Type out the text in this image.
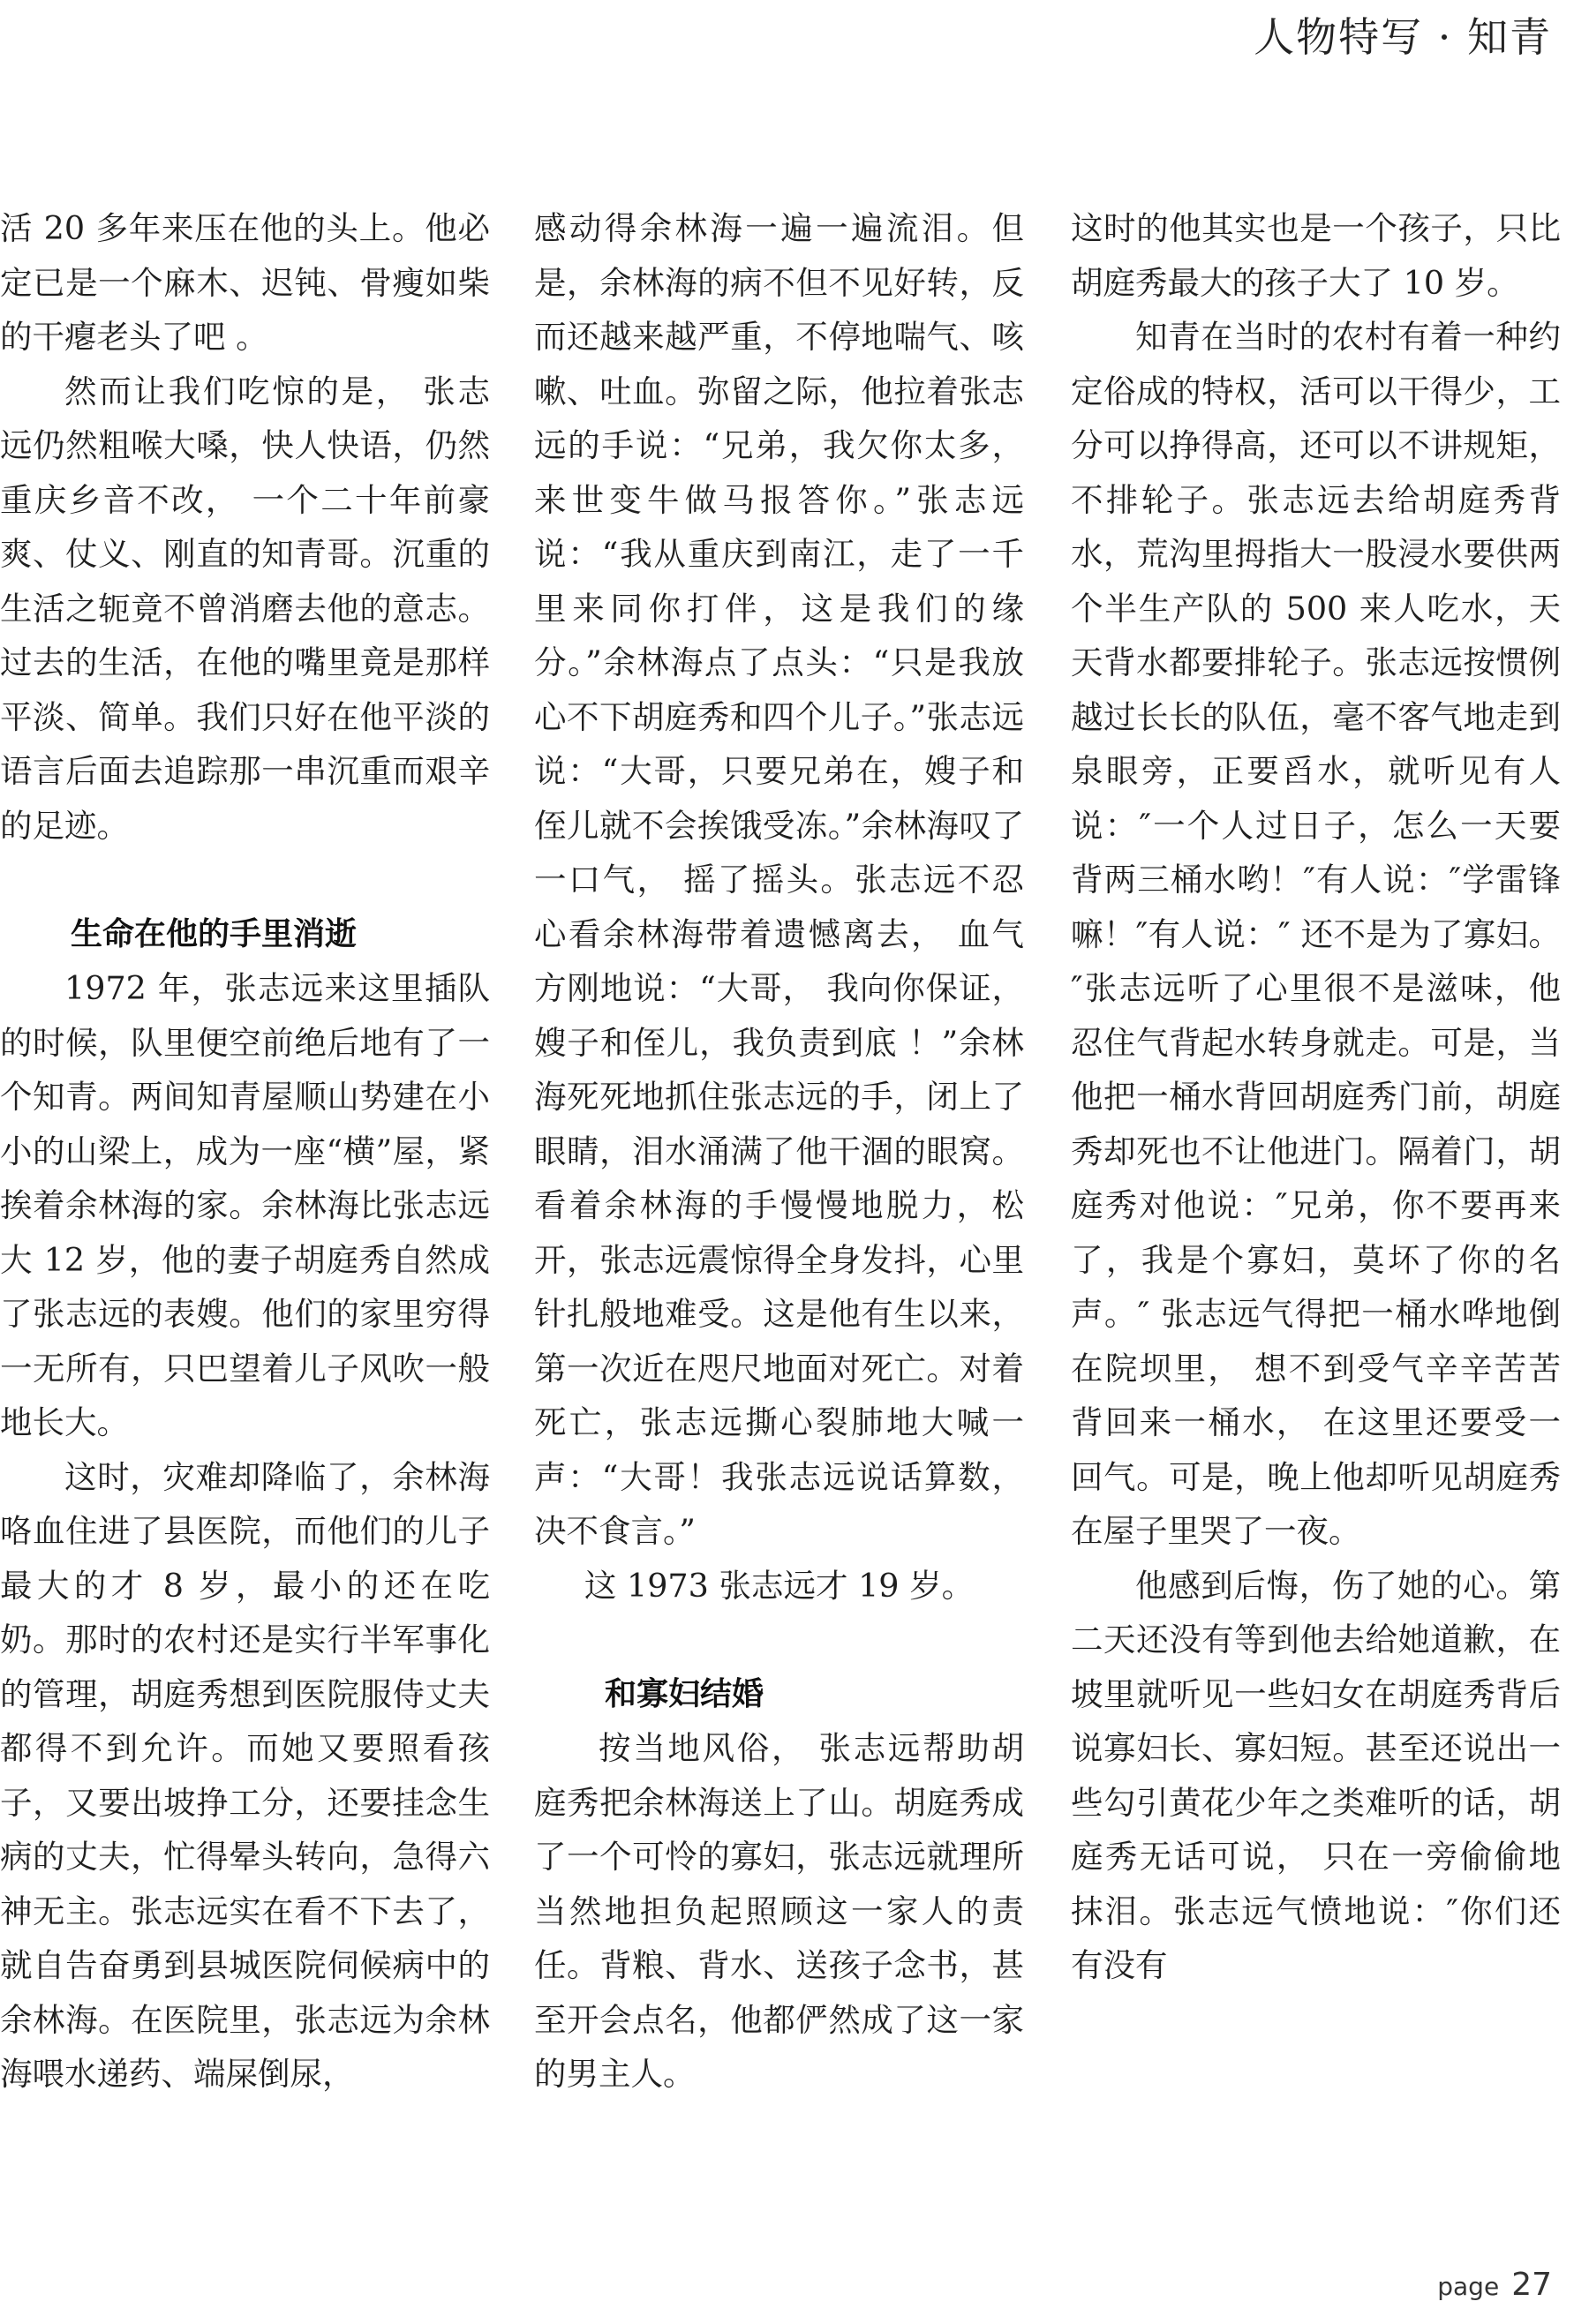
人物特写 · 知青

活 20 多年来压在他的头上。他必定已是一个麻木、迟钝、骨瘦如柴的干瘪老头了吧 。

然而让我们吃惊的是， 张志远仍然粗喉大嗓，快人快语，仍然重庆乡音不改， 一个二十年前豪爽、仗义、刚直的知青哥。沉重的生活之轭竟不曾消磨去他的意志。过去的生活，在他的嘴里竟是那样平淡、简单。我们只好在他平淡的语言后面去追踪那一串沉重而艰辛的足迹。

生命在他的手里消逝

1972 年，张志远来这里插队的时候，队里便空前绝后地有了一个知青。两间知青屋顺山势建在小小的山梁上，成为一座“横”屋，紧挨着余林海的家。余林海比张志远大 12 岁，他的妻子胡庭秀自然成了张志远的表嫂。他们的家里穷得一无所有，只巴望着儿子风吹一般地长大。

这时，灾难却降临了，余林海咯血住进了县医院，而他们的儿子最大的才 8 岁，最小的还在吃奶。那时的农村还是实行半军事化的管理，胡庭秀想到医院服侍丈夫都得不到允许。而她又要照看孩子，又要出坡挣工分，还要挂念生病的丈夫，忙得晕头转向，急得六神无主。张志远实在看不下去了，就自告奋勇到县城医院伺候病中的余林海。在医院里，张志远为余林海喂水递药、端屎倒尿，

感动得余林海一遍一遍流泪。但是，余林海的病不但不见好转，反而还越来越严重，不停地喘气、咳嗽、吐血。弥留之际，他拉着张志远的手说：“兄弟，我欠你太多，来世变牛做马报答你。”张志远说：“我从重庆到南江，走了一千里来同你打伴，这是我们的缘分。”余林海点了点头：“只是我放心不下胡庭秀和四个儿子。”张志远说：“大哥，只要兄弟在，嫂子和侄儿就不会挨饿受冻。”余林海叹了一口气， 摇了摇头。张志远不忍心看余林海带着遗憾离去， 血气方刚地说：“大哥， 我向你保证，嫂子和侄儿，我负责到底 ！”余林海死死地抓住张志远的手，闭上了眼睛，泪水涌满了他干涸的眼窝。看着余林海的手慢慢地脱力，松开，张志远震惊得全身发抖，心里针扎般地难受。这是他有生以来，第一次近在咫尺地面对死亡。对着死亡，张志远撕心裂肺地大喊一声：“大哥！我张志远说话算数，决不食言。”

这 1973 张志远才 19 岁。

和寡妇结婚

按当地风俗， 张志远帮助胡庭秀把余林海送上了山。胡庭秀成了一个可怜的寡妇，张志远就理所当然地担负起照顾这一家人的责任。背粮、背水、送孩子念书，甚至开会点名，他都俨然成了这一家的男主人。

这时的他其实也是一个孩子，只比胡庭秀最大的孩子大了 10 岁。

知青在当时的农村有着一种约定俗成的特权，活可以干得少，工分可以挣得高，还可以不讲规矩，不排轮子。张志远去给胡庭秀背水，荒沟里拇指大一股浸水要供两个半生产队的 500 来人吃水，天天背水都要排轮子。张志远按惯例越过长长的队伍，毫不客气地走到泉眼旁，正要舀水，就听见有人说：″一个人过日子，怎么一天要背两三桶水哟！″有人说：″学雷锋嘛！″有人说：″ 还不是为了寡妇。″张志远听了心里很不是滋味，他忍住气背起水转身就走。可是，当他把一桶水背回胡庭秀门前，胡庭秀却死也不让他进门。隔着门，胡庭秀对他说：″兄弟，你不要再来了，我是个寡妇，莫坏了你的名声。″ 张志远气得把一桶水哗地倒在院坝里， 想不到受气辛辛苦苦背回来一桶水， 在这里还要受一回气。可是，晚上他却听见胡庭秀在屋子里哭了一夜。

他感到后悔，伤了她的心。第二天还没有等到他去给她道歉，在坡里就听见一些妇女在胡庭秀背后说寡妇长、寡妇短。甚至还说出一些勾引黄花少年之类难听的话，胡庭秀无话可说， 只在一旁偷偷地抹泪。张志远气愤地说：″你们还有没有

page 27
